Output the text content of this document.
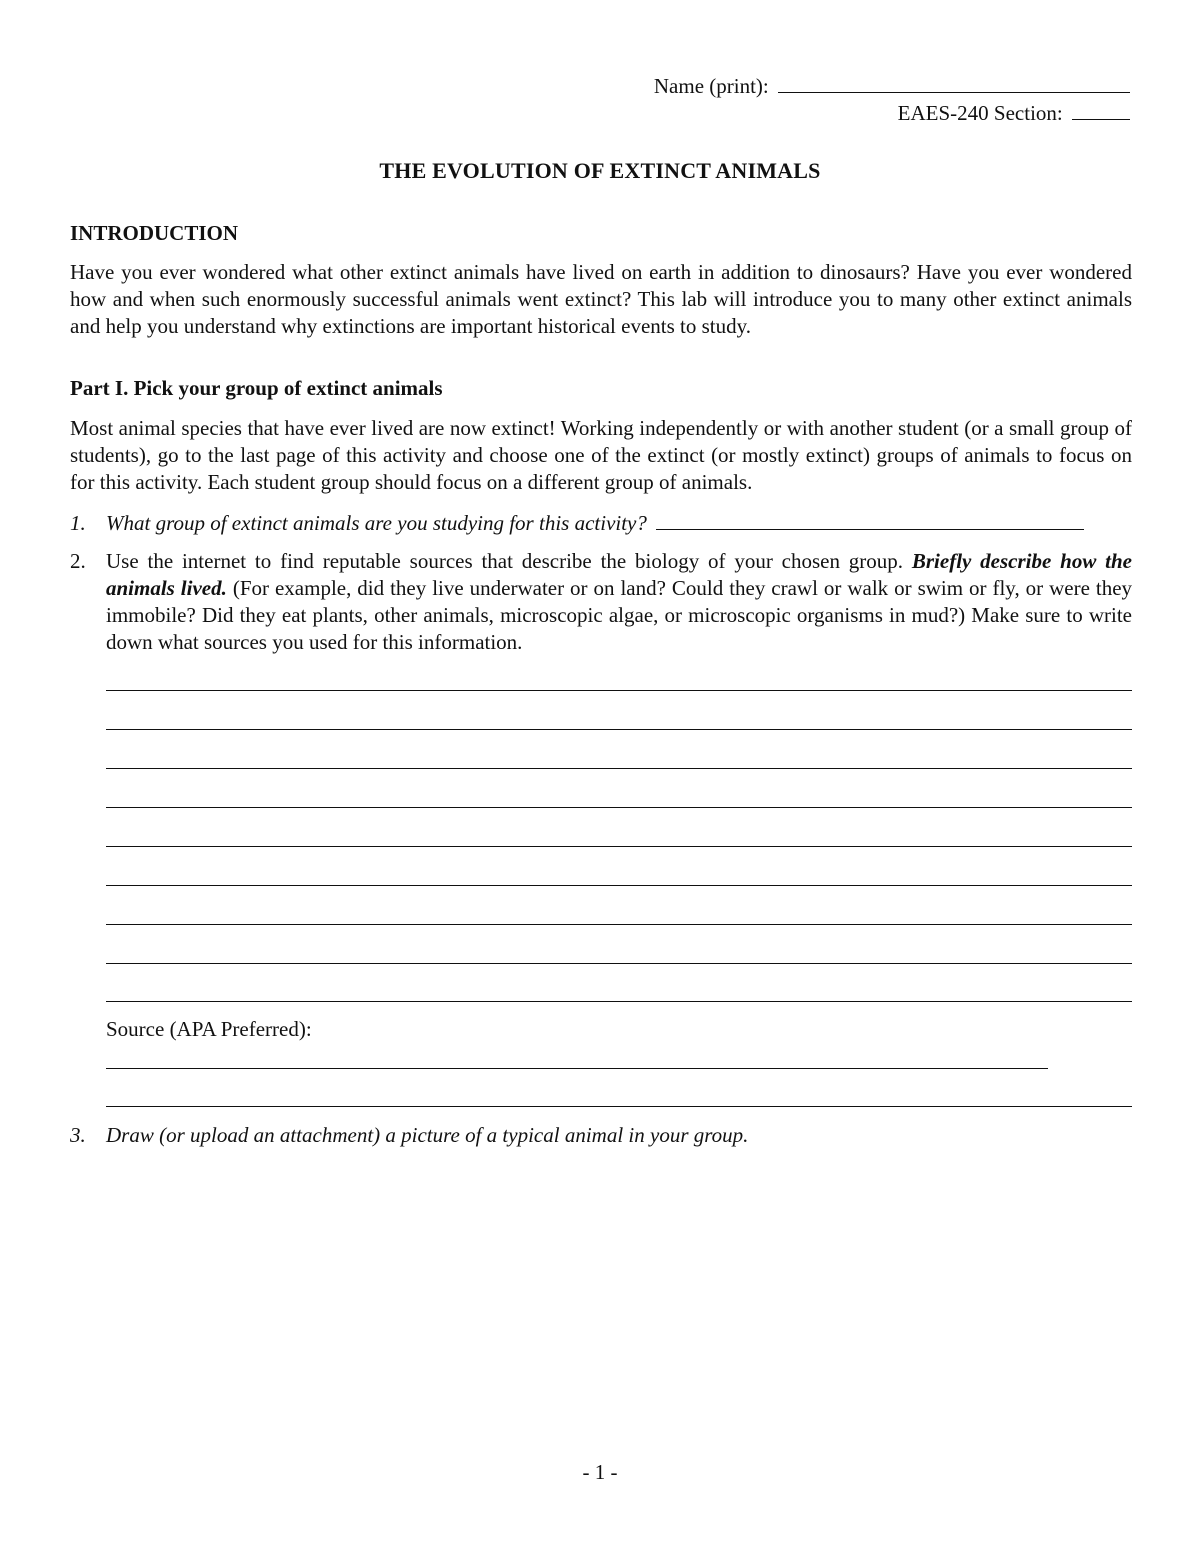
Name (print):
EAES-240 Section:
THE EVOLUTION OF EXTINCT ANIMALS
INTRODUCTION
Have you ever wondered what other extinct animals have lived on earth in addition to dinosaurs? Have you ever wondered how and when such enormously successful animals went extinct? This lab will introduce you to many other extinct animals and help you understand why extinctions are important historical events to study.
Part I. Pick your group of extinct animals
Most animal species that have ever lived are now extinct! Working independently or with another student (or a small group of students), go to the last page of this activity and choose one of the extinct (or mostly extinct) groups of animals to focus on for this activity. Each student group should focus on a different group of animals.
1. What group of extinct animals are you studying for this activity?
2. Use the internet to find reputable sources that describe the biology of your chosen group. Briefly describe how the animals lived. (For example, did they live underwater or on land? Could they crawl or walk or swim or fly, or were they immobile? Did they eat plants, other animals, microscopic algae, or microscopic organisms in mud?) Make sure to write down what sources you used for this information.
Source (APA Preferred):
3. Draw (or upload an attachment) a picture of a typical animal in your group.
- 1 -
